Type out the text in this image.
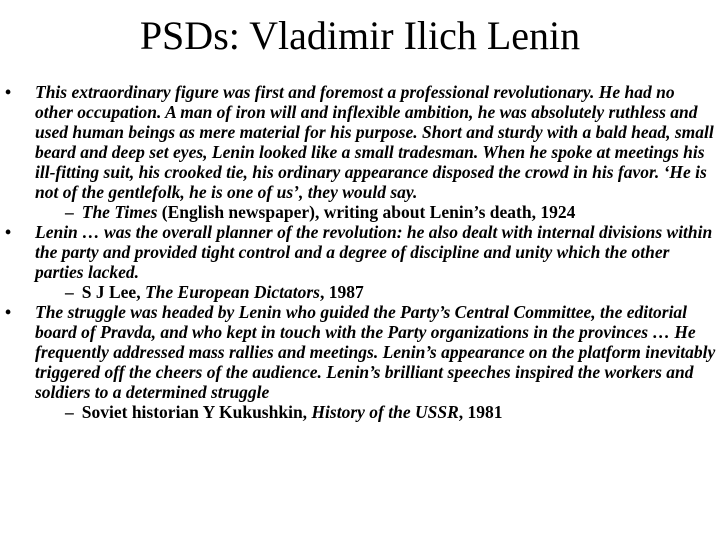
PSDs: Vladimir Ilich Lenin
• This extraordinary figure was first and foremost a professional revolutionary. He had no other occupation. A man of iron will and inflexible ambition, he was absolutely ruthless and used human beings as mere material for his purpose. Short and sturdy with a bald head, small beard and deep set eyes, Lenin looked like a small tradesman. When he spoke at meetings his ill-fitting suit, his crooked tie, his ordinary appearance disposed the crowd in his favor. ‘He is not of the gentlefolk, he is one of us’, they would say.
– The Times (English newspaper), writing about Lenin’s death, 1924
• Lenin … was the overall planner of the revolution: he also dealt with internal divisions within the party and provided tight control and a degree of discipline and unity which the other parties lacked.
– S J Lee, The European Dictators, 1987
• The struggle was headed by Lenin who guided the Party’s Central Committee, the editorial board of Pravda, and who kept in touch with the Party organizations in the provinces … He frequently addressed mass rallies and meetings. Lenin’s appearance on the platform inevitably triggered off the cheers of the audience. Lenin’s brilliant speeches inspired the workers and soldiers to a determined struggle
– Soviet historian Y Kukushkin, History of the USSR, 1981
